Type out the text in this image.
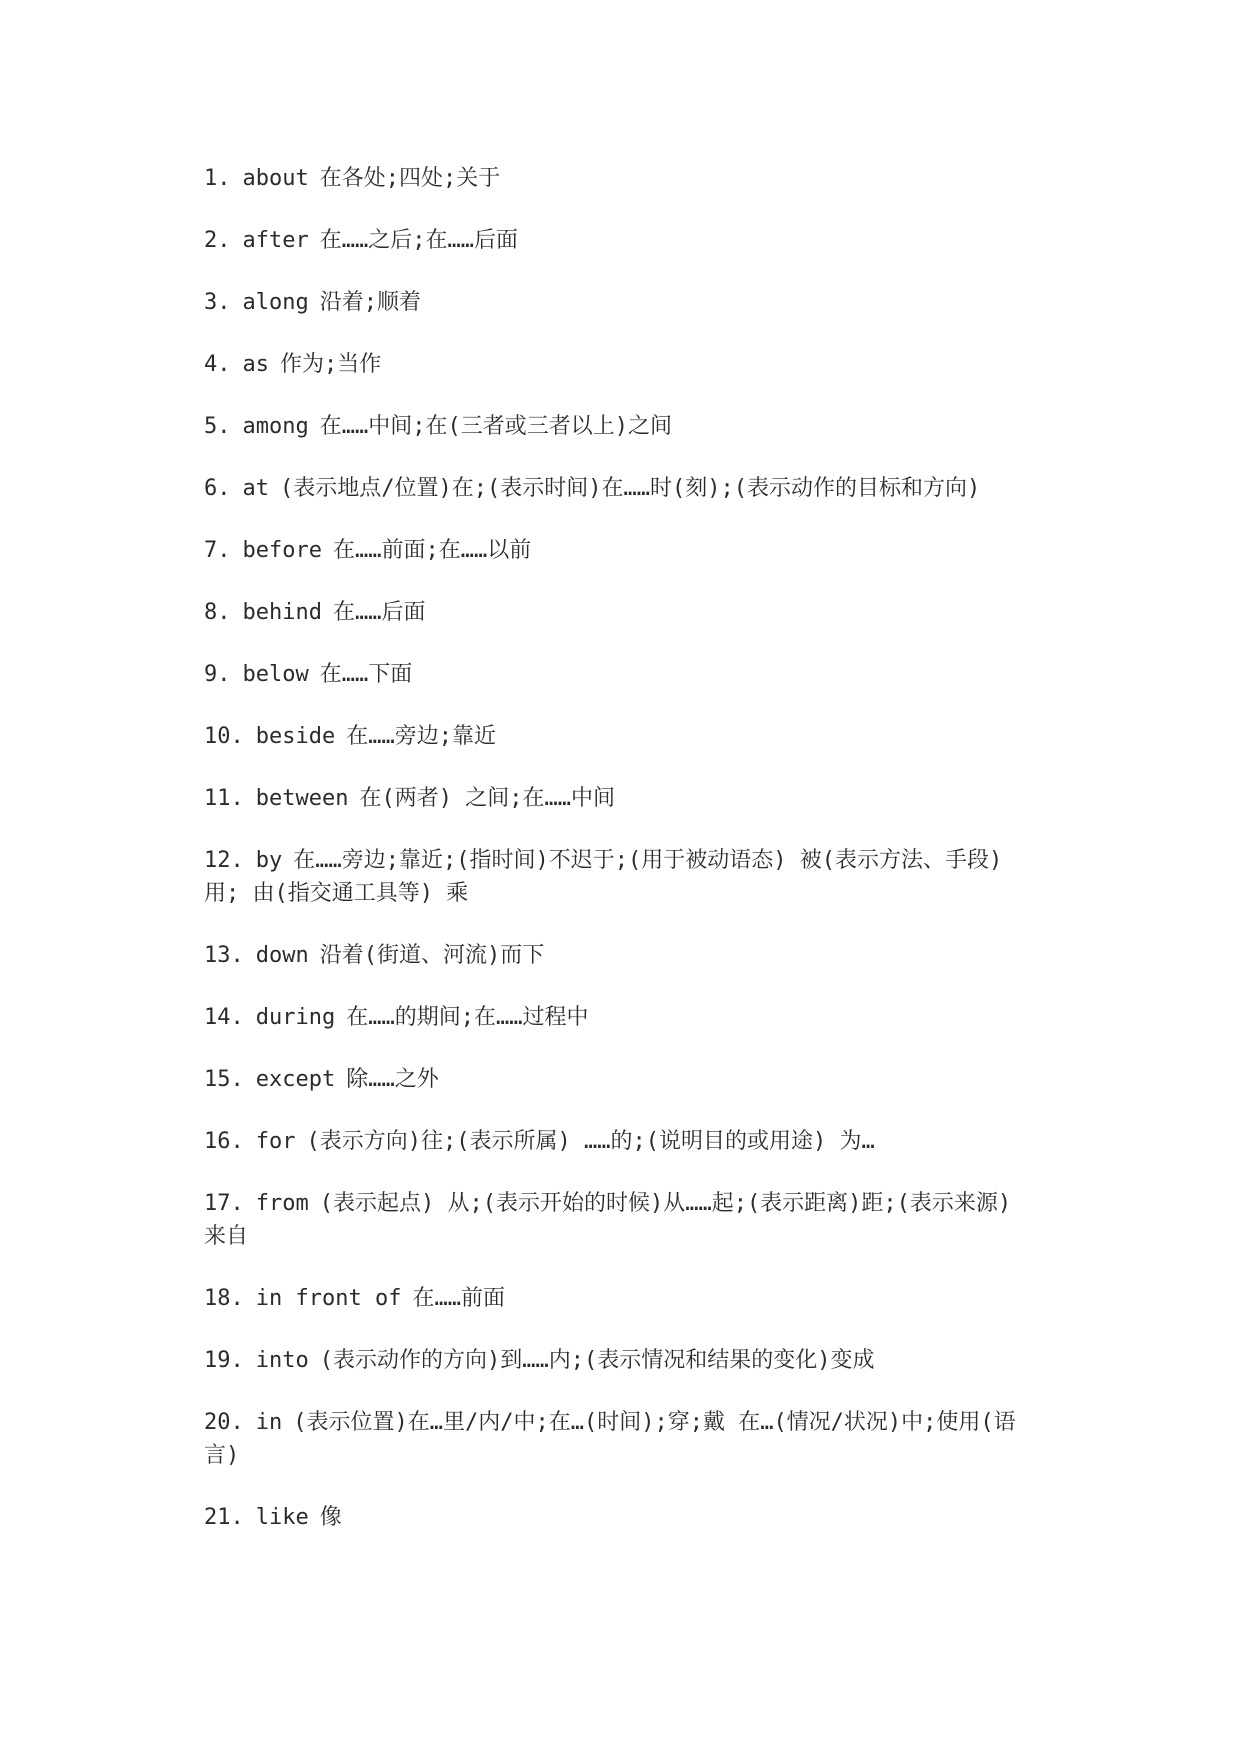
1. about 在各处;四处;关于

2. after 在……之后;在……后面

3. along 沿着;顺着

4. as 作为;当作

5. among 在……中间;在(三者或三者以上)之间

6. at (表示地点/位置)在;(表示时间)在……时(刻);(表示动作的目标和方向)

7. before 在……前面;在……以前

8. behind 在……后面

9. below 在……下面

10. beside 在……旁边;靠近

11. between 在(两者) 之间;在……中间

12. by 在……旁边;靠近;(指时间)不迟于;(用于被动语态) 被(表示方法、手段) 用; 由(指交通工具等) 乘

13. down 沿着(街道、河流)而下

14. during 在……的期间;在……过程中

15. except 除……之外

16. for (表示方向)往;(表示所属) ……的;(说明目的或用途) 为…

17. from (表示起点) 从;(表示开始的时候)从……起;(表示距离)距;(表示来源) 来自

18. in front of 在……前面

19. into (表示动作的方向)到……内;(表示情况和结果的变化)变成

20. in (表示位置)在…里/内/中;在…(时间);穿;戴 在…(情况/状况)中;使用(语言)

21. like 像
